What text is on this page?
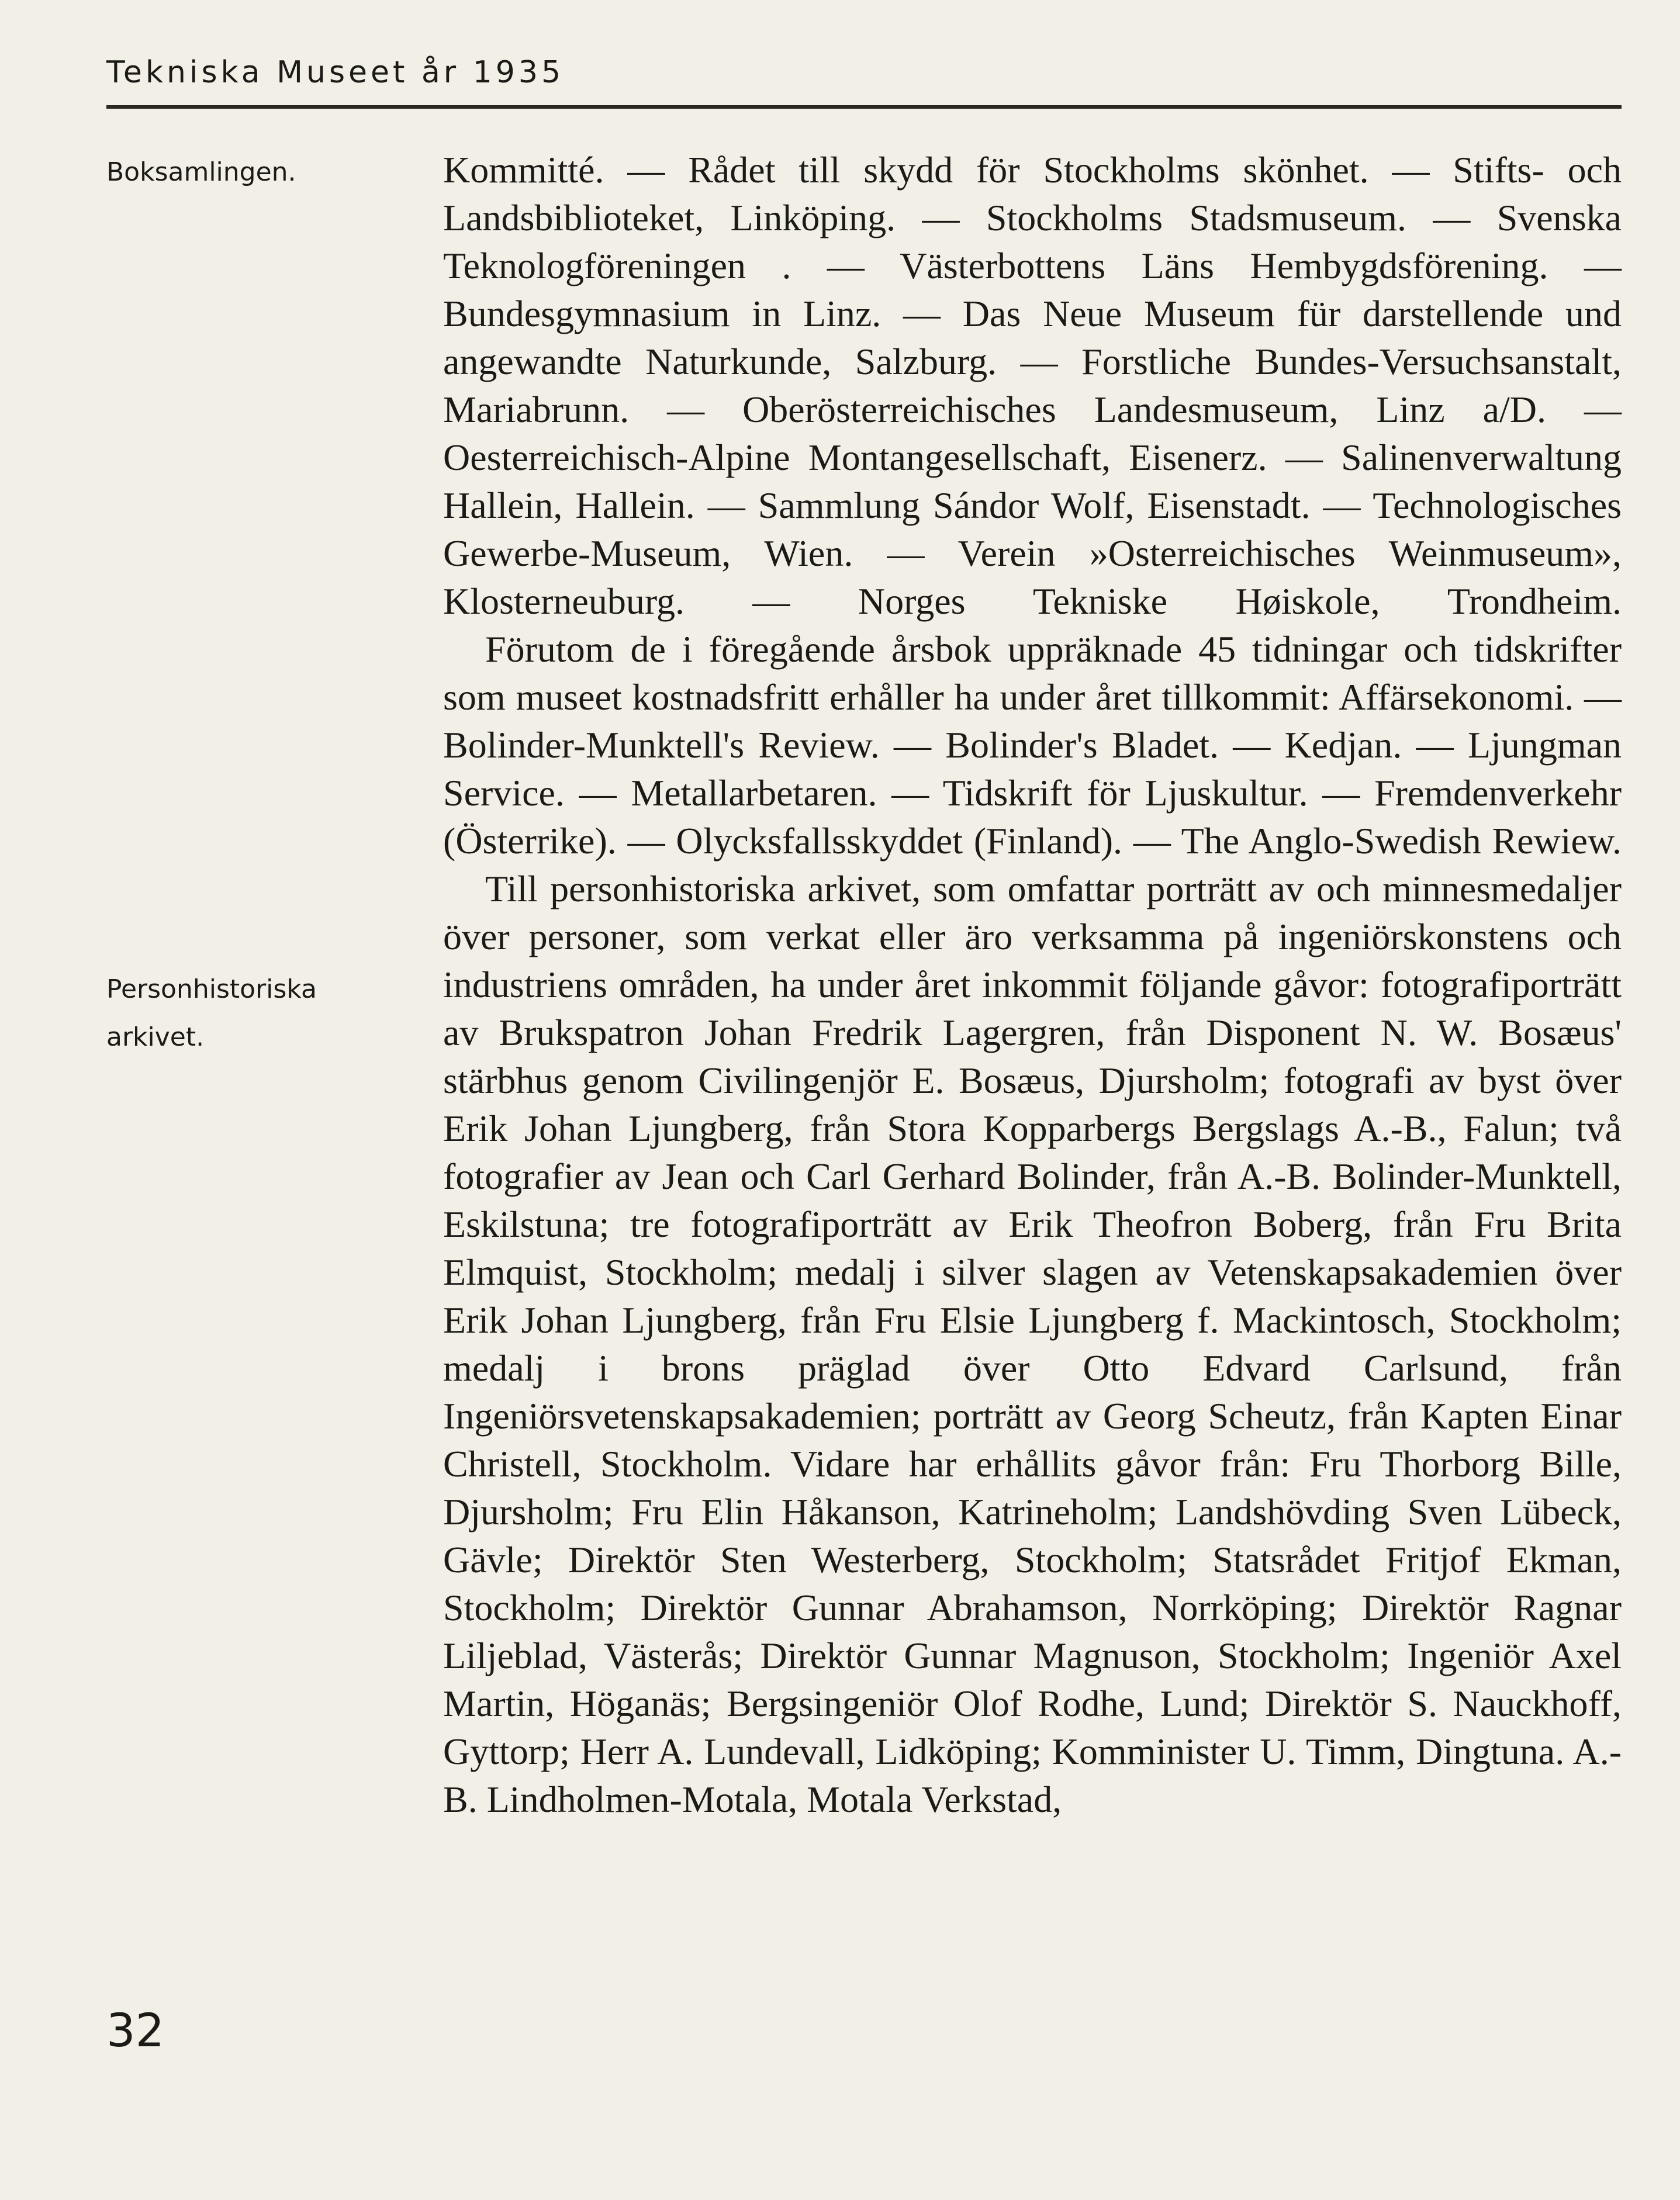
Tekniska Museet år 1935
Boksamlingen.
Personhistoriska arkivet.

Kommitté. — Rådet till skydd för Stockholms skönhet. — Stifts- och Landsbiblioteket, Linköping. — Stockholms Stadsmuseum. — Svenska Teknologföreningen . — Västerbottens Läns Hembygdsförening. — Bundesgymnasium in Linz. — Das Neue Museum für darstellende und angewandte Naturkunde, Salzburg. — Forstliche Bundes-Versuchsanstalt, Mariabrunn. — Oberösterreichisches Landesmuseum, Linz a/D. — Oesterreichisch-Alpine Montangesellschaft, Eisenerz. — Salinenverwaltung Hallein, Hallein. — Sammlung Sándor Wolf, Eisenstadt. — Technologisches Gewerbe-Museum, Wien. — Verein »Osterreichisches Weinmuseum», Klosterneuburg. — Norges Tekniske Høiskole, Trondheim.

Förutom de i föregående årsbok uppräknade 45 tidningar och tidskrifter som museet kostnadsfritt erhåller ha under året tillkommit: Affärsekonomi. — Bolinder-Munktell's Review. — Bolinder's Bladet. — Kedjan. — Ljungman Service. — Metallarbetaren. — Tidskrift för Ljuskultur. — Fremdenverkehr (Österrike). — Olycksfallsskyddet (Finland). — The Anglo-Swedish Rewiew.

Till personhistoriska arkivet, som omfattar porträtt av och minnesmedaljer över personer, som verkat eller äro verksamma på ingeniörskonstens och industriens områden, ha under året inkommit följande gåvor: fotografiporträtt av Brukspatron Johan Fredrik Lagergren, från Disponent N. W. Bosæus' stärbhus genom Civilingenjör E. Bosæus, Djursholm; fotografi av byst över Erik Johan Ljungberg, från Stora Kopparbergs Bergslags A.-B., Falun; två fotografier av Jean och Carl Gerhard Bolinder, från A.-B. Bolinder-Munktell, Eskilstuna; tre fotografiporträtt av Erik Theofron Boberg, från Fru Brita Elmquist, Stockholm; medalj i silver slagen av Vetenskapsakademien över Erik Johan Ljungberg, från Fru Elsie Ljungberg f. Mackintosch, Stockholm; medalj i brons präglad över Otto Edvard Carlsund, från Ingeniörsvetenskapsakademien; porträtt av Georg Scheutz, från Kapten Einar Christell, Stockholm. Vidare har erhållits gåvor från: Fru Thorborg Bille, Djursholm; Fru Elin Håkanson, Katrineholm; Landshövding Sven Lübeck, Gävle; Direktör Sten Westerberg, Stockholm; Statsrådet Fritjof Ekman, Stockholm; Direktör Gunnar Abrahamson, Norrköping; Direktör Ragnar Liljeblad, Västerås; Direktör Gunnar Magnuson, Stockholm; Ingeniör Axel Martin, Höganäs; Bergsingeniör Olof Rodhe, Lund; Direktör S. Nauckhoff, Gyttorp; Herr A. Lundevall, Lidköping; Komminister U. Timm, Dingtuna. A.-B. Lindholmen-Motala, Motala Verkstad,

32
